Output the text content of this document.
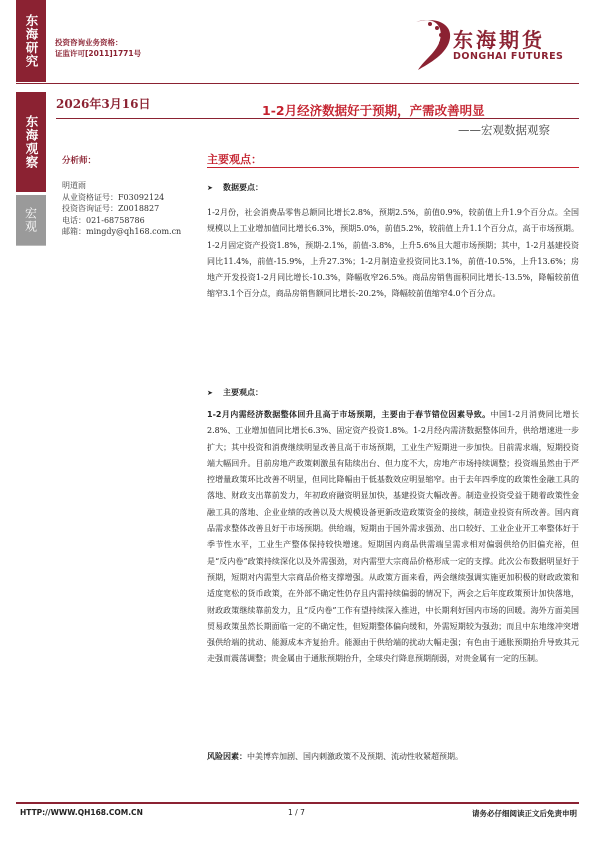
东海研究	投资咨询业务资格：
证监许可[2011]1771号
东海期货
DONGHAI FUTURES
东海观察
宏观
2026年3月16日	1-2月经济数据好于预期，产需改善明显
——宏观数据观察
分析师：
明道雨
从业资格证号：F03092124
投资咨询证号：Z0018827
电话：021-68758786
邮箱：mingdy@qh168.com.cn
主要观点：
➤ 数据要点：
1-2月份，社会消费品零售总额同比增长2.8%，预期2.5%，前值0.9%，较前值上升1.9个百分点。全国规模以上工业增加值同比增长6.3%，预期5.0%，前值5.2%，较前值上升1.1个百分点，高于市场预期。1-2月固定资产投资1.8%，预期-2.1%，前值-3.8%，上升5.6%且大超市场预期；其中，1-2月基建投资同比11.4%，前值-15.9%，上升27.3%；1-2月制造业投资同比3.1%，前值-10.5%，上升13.6%；房地产开发投资1-2月同比增长-10.3%，降幅收窄26.5%。商品房销售面积同比增长-13.5%，降幅较前值缩窄3.1个百分点，商品房销售额同比增长-20.2%，降幅较前值缩窄4.0个百分点。
➤ 主要观点：
1-2月内需经济数据整体回升且高于市场预期，主要由于春节错位因素导致。中国1-2月消费同比增长2.8%、工业增加值同比增长6.3%、固定资产投资1.8%。1-2月经内需济数据整体回升，供给增速进一步扩大；其中投资和消费继续明显改善且高于市场预期，工业生产短期进一步加快。目前需求端，短期投资端大幅回升。目前房地产政策刺激虽有陆续出台、但力度不大，房地产市场持续调整；投资端虽然由于严控增量政策环比改善不明显，但同比降幅由于低基数效应明显缩窄。由于去年四季度的政策性金融工具的落地、财政支出靠前发力，年初政府融资明显加快，基建投资大幅改善。制造业投资受益于随着政策性金融工具的落地、企业业绩的改善以及大规模设备更新改造政策资金的接续，制造业投资有所改善。国内商品需求整体改善且好于市场预期。供给端，短期由于国外需求强劲、出口较好、工业企业开工率整体好于季节性水平，工业生产整体保持较快增速。短期国内商品供需端呈需求相对偏弱供给仍旧偏充裕，但是“反内卷”政策持续深化以及外需强劲，对内需型大宗商品价格形成一定的支撑。此次公布数据明显好于预期，短期对内需型大宗商品价格支撑增强。从政策方面来看，两会继续强调实施更加积极的财政政策和适度宽松的货币政策，在外部不确定性仍存且内需持续偏弱的情况下，两会之后年度政策预计加快落地，财政政策继续靠前发力，且“反内卷”工作有望持续深入推进，中长期利好国内市场的回暖。海外方面美国贸易政策虽然长期面临一定的不确定性，但短期整体偏向缓和，外需短期较为强劲；而且中东地缘冲突增强供给端的扰动、能源成本齐复抬升。能源由于供给端的扰动大幅走强；有色由于通胀预期抬升导致其元走强而震荡调整；贵金属由于通胀预期抬升，全球央行降息预期削弱，对贵金属有一定的压制。
风险因素：中美博弈加剧、国内刺激政策不及预期、流动性收紧超预期。
HTTP://WWW.QH168.COM.CN	1 / 7	请务必仔细阅读正文后免责申明
